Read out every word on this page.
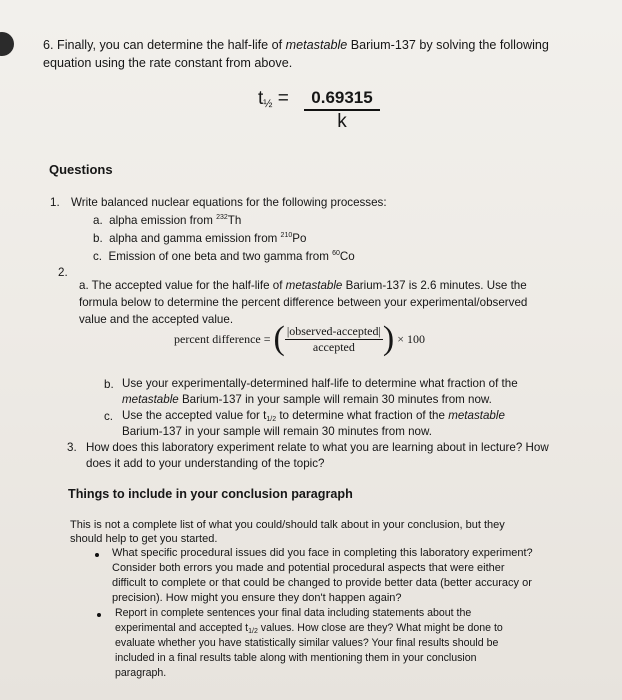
6. Finally, you can determine the half-life of metastable Barium-137 by solving the following
equation using the rate constant from above.
$t_{\frac{1}{2}} = \frac{0.69315}{k}$
Questions
1. Write balanced nuclear equations for the following processes:
a. alpha emission from $^{232}$Th
b. alpha and gamma emission from $^{210}$Po
c. Emission of one beta and two gamma from $^{60}$Co
2.
a. The accepted value for the half-life of metastable Barium-137 is 2.6 minutes. Use the
formula below to determine the percent difference between your experimental/observed
value and the accepted value.
percent difference = ( $\frac{\text{|observed-accepted|}}{\text{accepted}}$ ) × 100
b. Use your experimentally-determined half-life to determine what fraction of the
metastable Barium-137 in your sample will remain 30 minutes from now.
c. Use the accepted value for $t_{1/2}$ to determine what fraction of the metastable
Barium-137 in your sample will remain 30 minutes from now.
3. How does this laboratory experiment relate to what you are learning about in lecture? How
does it add to your understanding of the topic?
Things to include in your conclusion paragraph
This is not a complete list of what you could/should talk about in your conclusion, but they
should help to get you started.
What specific procedural issues did you face in completing this laboratory experiment?
Consider both errors you made and potential procedural aspects that were either
difficult to complete or that could be changed to provide better data (better accuracy or
precision). How might you ensure they don't happen again?
Report in complete sentences your final data including statements about the
experimental and accepted $t_{1/2}$ values. How close are they? What might be done to
evaluate whether you have statistically similar values? Your final results should be
included in a final results table along with mentioning them in your conclusion
paragraph.
